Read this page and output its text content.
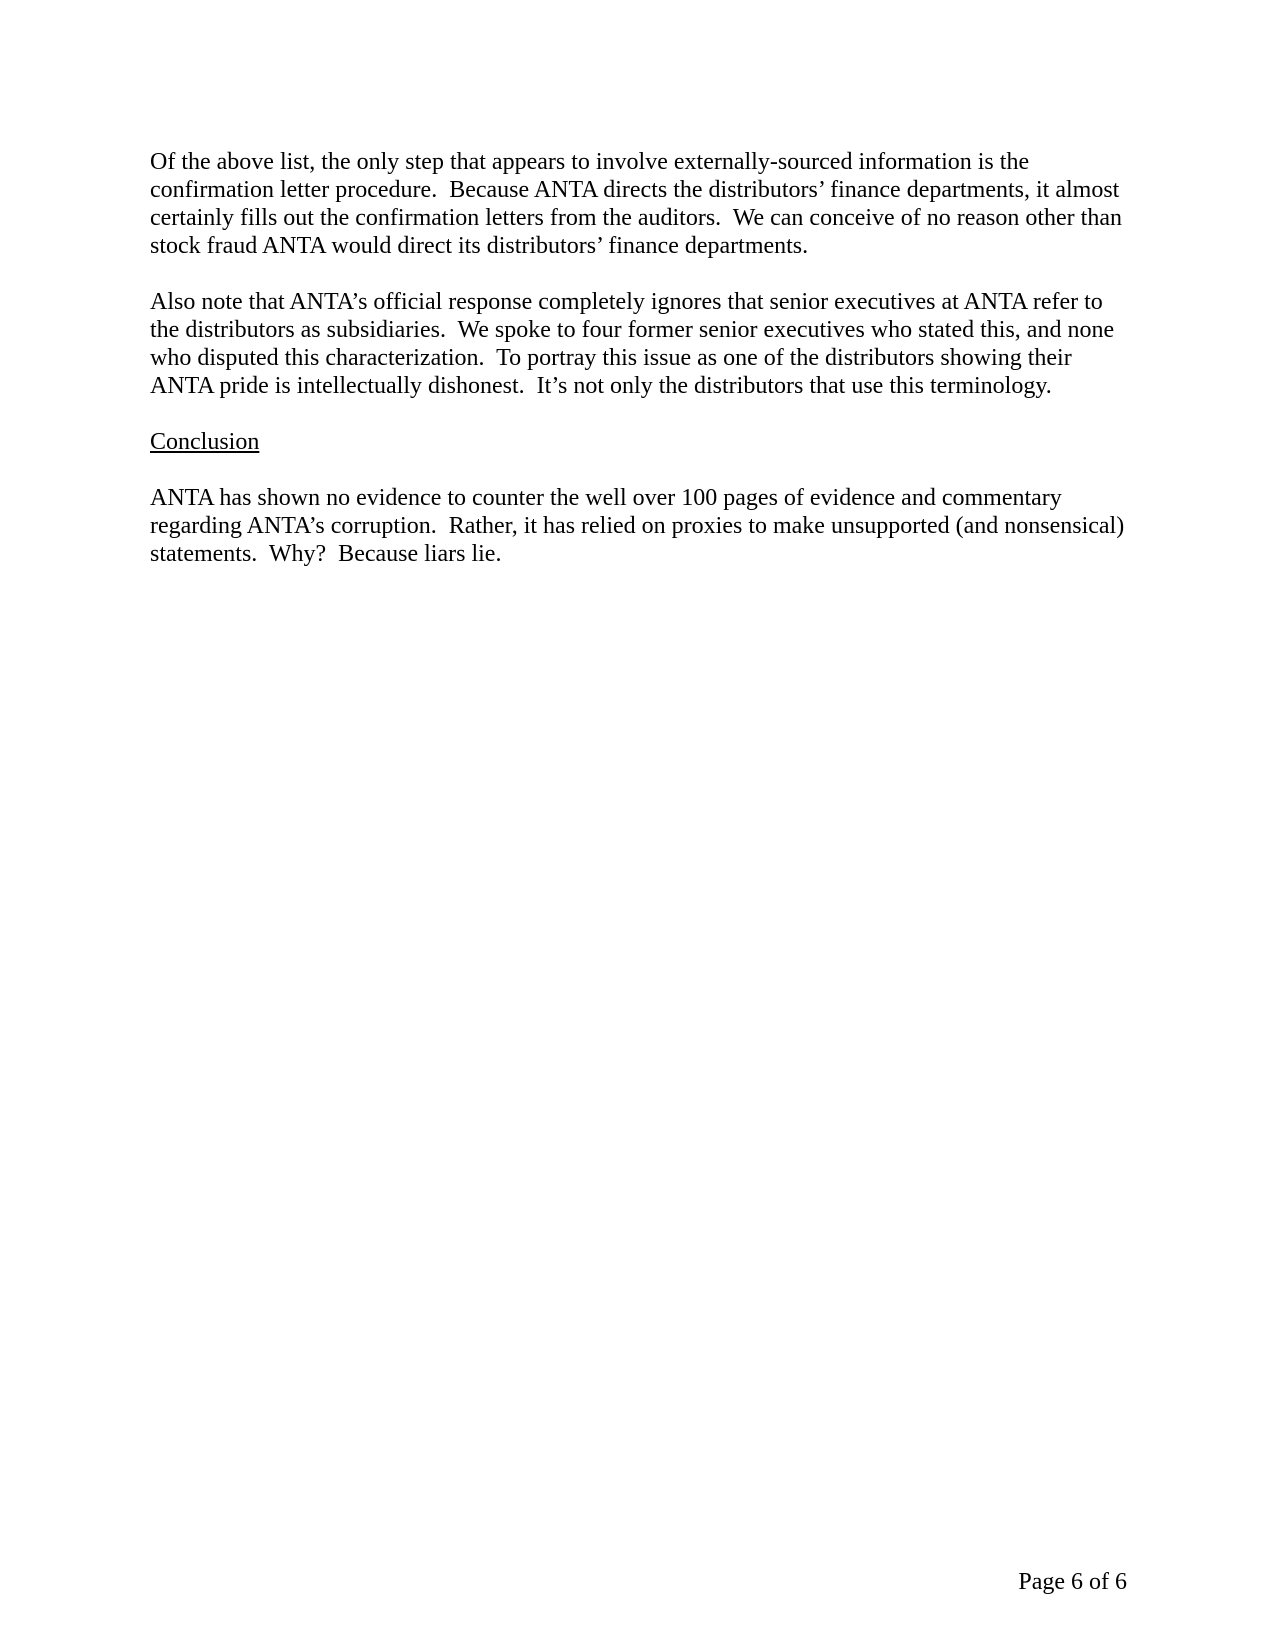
Of the above list, the only step that appears to involve externally-sourced information is the confirmation letter procedure.  Because ANTA directs the distributors’ finance departments, it almost certainly fills out the confirmation letters from the auditors.  We can conceive of no reason other than stock fraud ANTA would direct its distributors’ finance departments.

Also note that ANTA’s official response completely ignores that senior executives at ANTA refer to the distributors as subsidiaries.  We spoke to four former senior executives who stated this, and none who disputed this characterization.  To portray this issue as one of the distributors showing their ANTA pride is intellectually dishonest.  It’s not only the distributors that use this terminology.

Conclusion

ANTA has shown no evidence to counter the well over 100 pages of evidence and commentary regarding ANTA’s corruption.  Rather, it has relied on proxies to make unsupported (and nonsensical) statements.  Why?  Because liars lie.

Page 6 of 6
